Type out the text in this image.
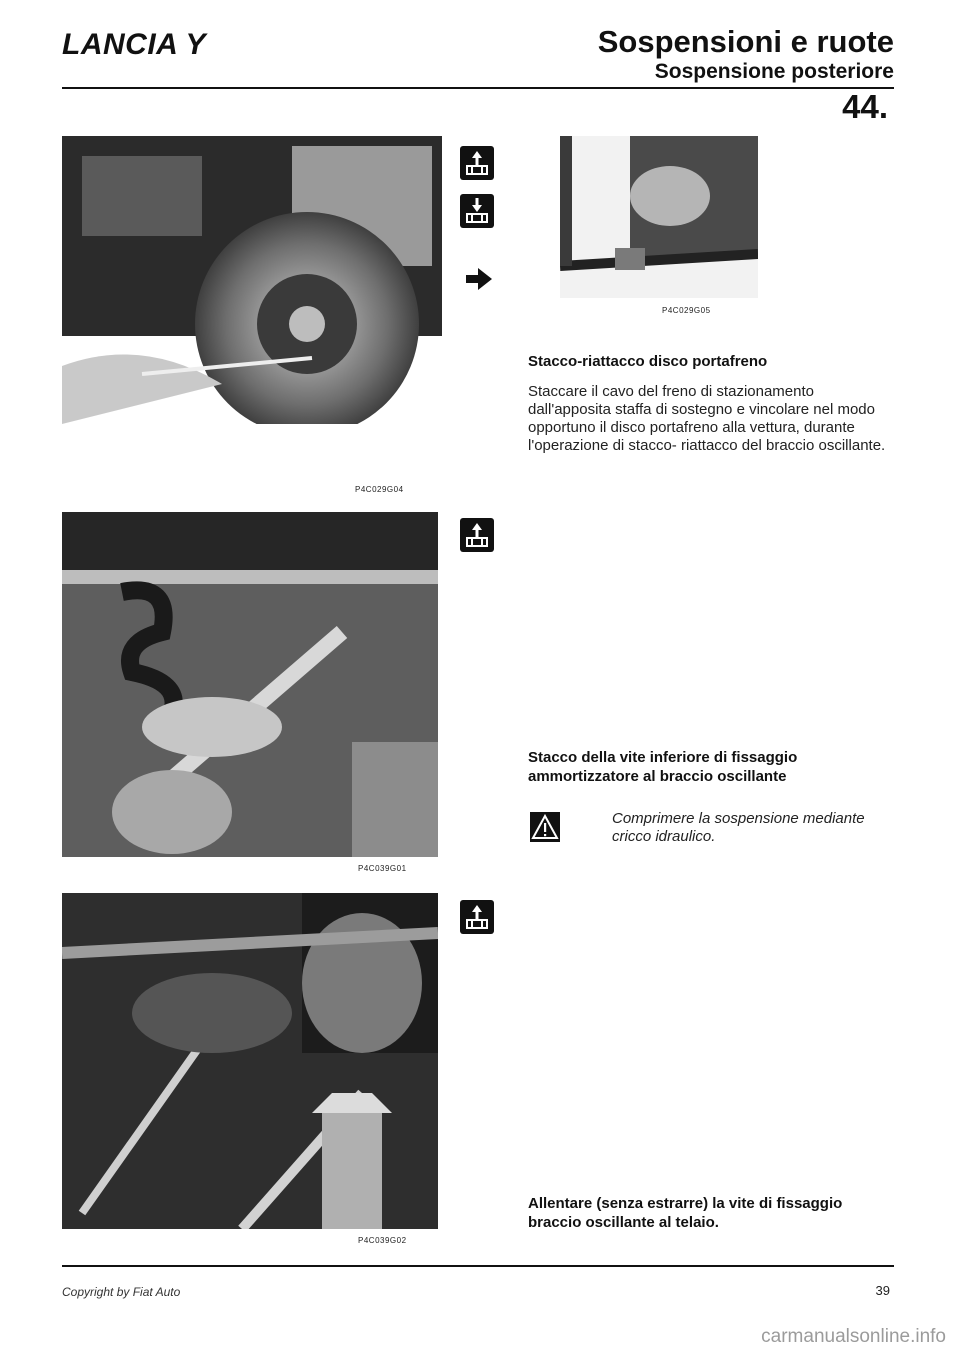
LANCIA Y	Sospensioni e ruote
Sospensione posteriore
44.
P4C029G04
P4C029G05
Stacco-riattacco disco portafreno
Staccare il cavo del freno di stazionamento dall'apposita staffa di sostegno e vincolare nel modo opportuno il disco portafreno alla vettura, durante l'operazione di stacco- riattacco del braccio oscillante.
P4C039G01
Stacco della vite inferiore di fissaggio ammortizzatore al braccio oscillante
Comprimere la sospensione mediante cricco idraulico.
P4C039G02
Allentare (senza estrarre) la vite di fissaggio braccio oscillante al telaio.
Copyright by Fiat Auto	39
carmanualsonline.info
